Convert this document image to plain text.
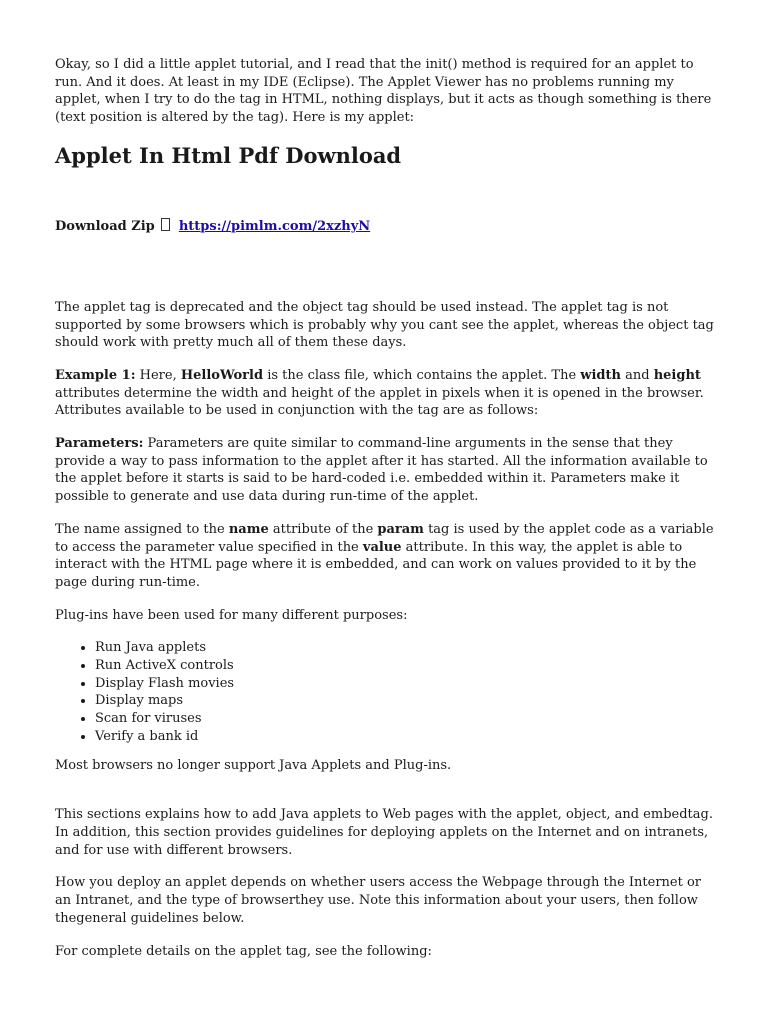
Okay, so I did a little applet tutorial, and I read that the init() method is required for an applet to run. And it does. At least in my IDE (Eclipse). The Applet Viewer has no problems running my applet, when I try to do the tag in HTML, nothing displays, but it acts as though something is there (text position is altered by the tag). Here is my applet:

Applet In Html Pdf Download
Download Zip https://pimlm.com/2xzhyN

The applet tag is deprecated and the object tag should be used instead. The applet tag is not supported by some browsers which is probably why you cant see the applet, whereas the object tag should work with pretty much all of them these days.

Example 1: Here, HelloWorld is the class file, which contains the applet. The width and height attributes determine the width and height of the applet in pixels when it is opened in the browser. Attributes available to be used in conjunction with the tag are as follows:

Parameters: Parameters are quite similar to command-line arguments in the sense that they provide a way to pass information to the applet after it has started. All the information available to the applet before it starts is said to be hard-coded i.e. embedded within it. Parameters make it possible to generate and use data during run-time of the applet.

The name assigned to the name attribute of the param tag is used by the applet code as a variable to access the parameter value specified in the value attribute. In this way, the applet is able to interact with the HTML page where it is embedded, and can work on values provided to it by the page during run-time.

Plug-ins have been used for many different purposes:

• Run Java applets
• Run ActiveX controls
• Display Flash movies
• Display maps
• Scan for viruses
• Verify a bank id

Most browsers no longer support Java Applets and Plug-ins.

This sections explains how to add Java applets to Web pages with the applet, object, and embedtag. In addition, this section provides guidelines for deploying applets on the Internet and on intranets, and for use with different browsers.

How you deploy an applet depends on whether users access the Webpage through the Internet or an Intranet, and the type of browserthey use. Note this information about your users, then follow thegeneral guidelines below.

For complete details on the applet tag, see the following:
